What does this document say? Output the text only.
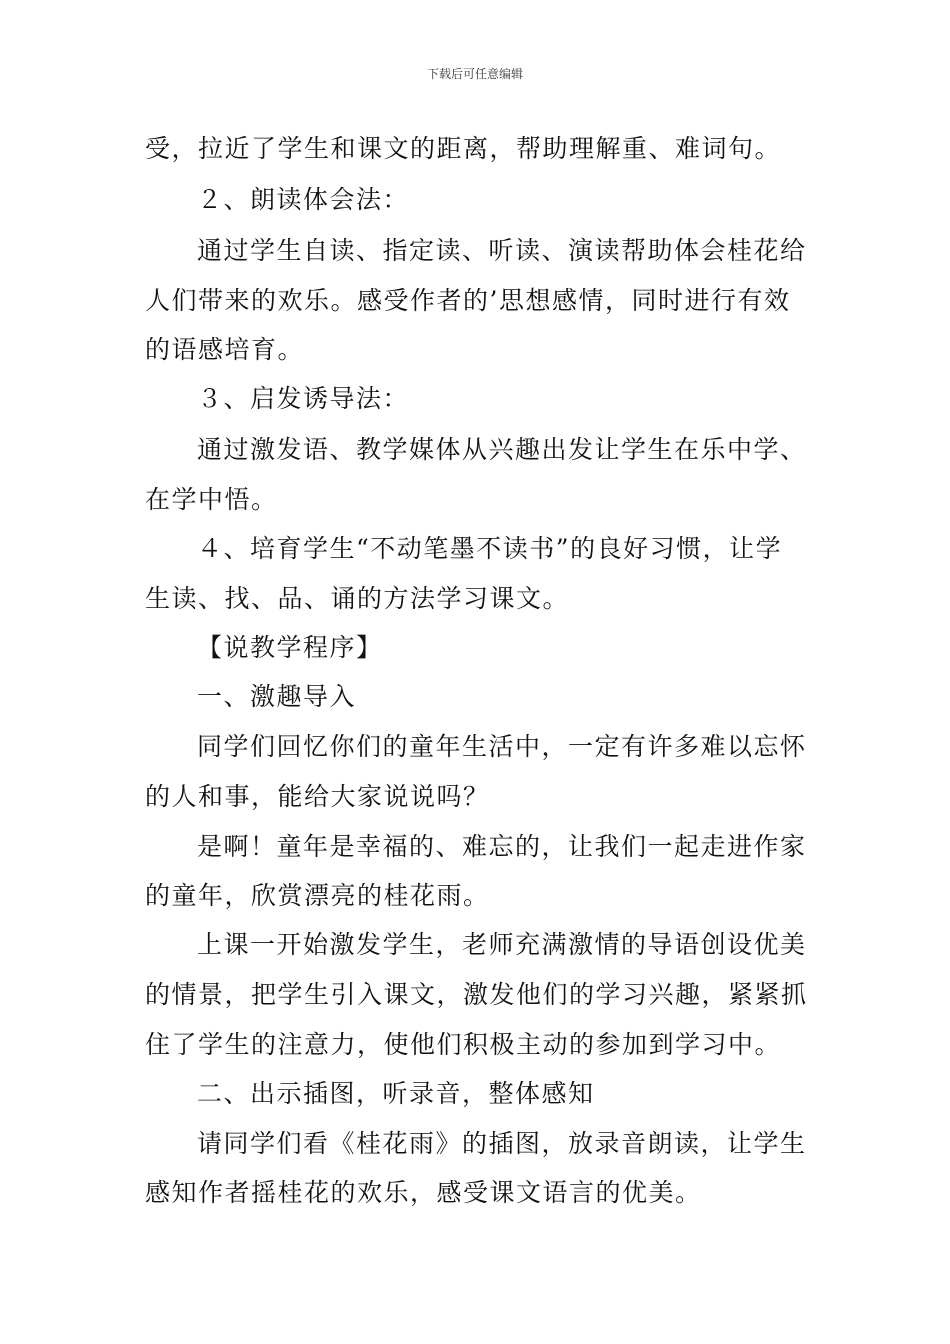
下载后可任意编辑
受，拉近了学生和课文的距离，帮助理解重、难词句。
２、朗读体会法：
通过学生自读、指定读、听读、演读帮助体会桂花给
人们带来的欢乐。感受作者的’思想感情，同时进行有效
的语感培育。
３、启发诱导法：
通过激发语、教学媒体从兴趣出发让学生在乐中学、
在学中悟。
４、培育学生“不动笔墨不读书”的良好习惯，让学
生读、找、品、诵的方法学习课文。
【说教学程序】
一、激趣导入
同学们回忆你们的童年生活中，一定有许多难以忘怀
的人和事，能给大家说说吗？
是啊！童年是幸福的、难忘的，让我们一起走进作家
的童年，欣赏漂亮的桂花雨。
上课一开始激发学生，老师充满激情的导语创设优美
的情景，把学生引入课文，激发他们的学习兴趣，紧紧抓
住了学生的注意力，使他们积极主动的参加到学习中。
二、出示插图，听录音，整体感知
请同学们看《桂花雨》的插图，放录音朗读，让学生
感知作者摇桂花的欢乐，感受课文语言的优美。
